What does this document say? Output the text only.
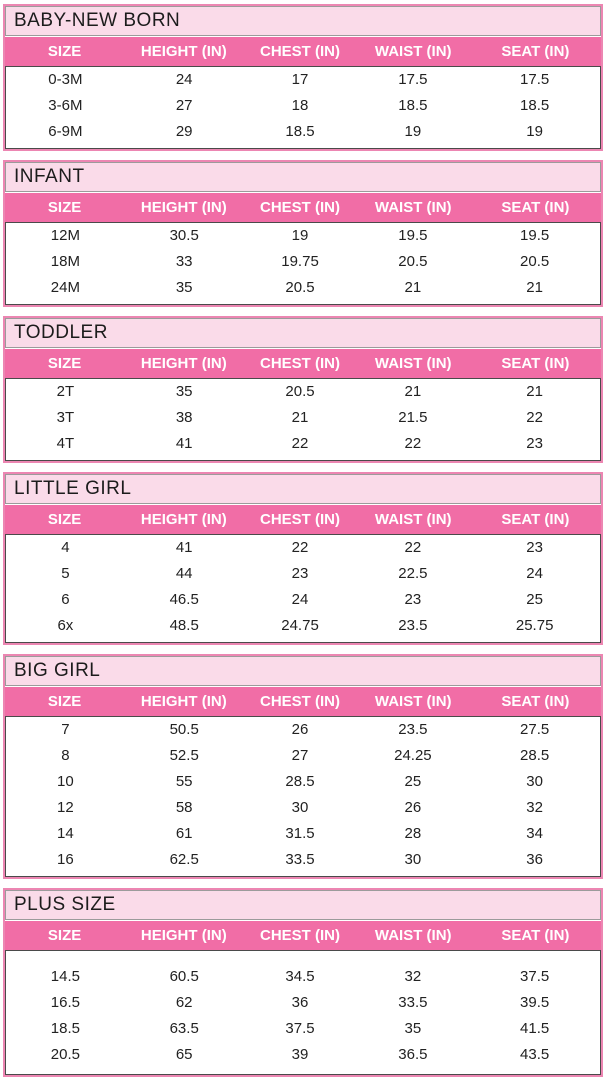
BABY-NEW BORN
SIZE	HEIGHT (IN)	CHEST (IN)	WAIST (IN)	SEAT (IN)
0-3M	24	17	17.5	17.5
3-6M	27	18	18.5	18.5
6-9M	29	18.5	19	19
INFANT
SIZE	HEIGHT (IN)	CHEST (IN)	WAIST (IN)	SEAT (IN)
12M	30.5	19	19.5	19.5
18M	33	19.75	20.5	20.5
24M	35	20.5	21	21
TODDLER
SIZE	HEIGHT (IN)	CHEST (IN)	WAIST (IN)	SEAT (IN)
2T	35	20.5	21	21
3T	38	21	21.5	22
4T	41	22	22	23
LITTLE GIRL
SIZE	HEIGHT (IN)	CHEST (IN)	WAIST (IN)	SEAT (IN)
4	41	22	22	23
5	44	23	22.5	24
6	46.5	24	23	25
6x	48.5	24.75	23.5	25.75
BIG GIRL
SIZE	HEIGHT (IN)	CHEST (IN)	WAIST (IN)	SEAT (IN)
7	50.5	26	23.5	27.5
8	52.5	27	24.25	28.5
10	55	28.5	25	30
12	58	30	26	32
14	61	31.5	28	34
16	62.5	33.5	30	36
PLUS SIZE
SIZE	HEIGHT (IN)	CHEST (IN)	WAIST (IN)	SEAT (IN)
14.5	60.5	34.5	32	37.5
16.5	62	36	33.5	39.5
18.5	63.5	37.5	35	41.5
20.5	65	39	36.5	43.5
